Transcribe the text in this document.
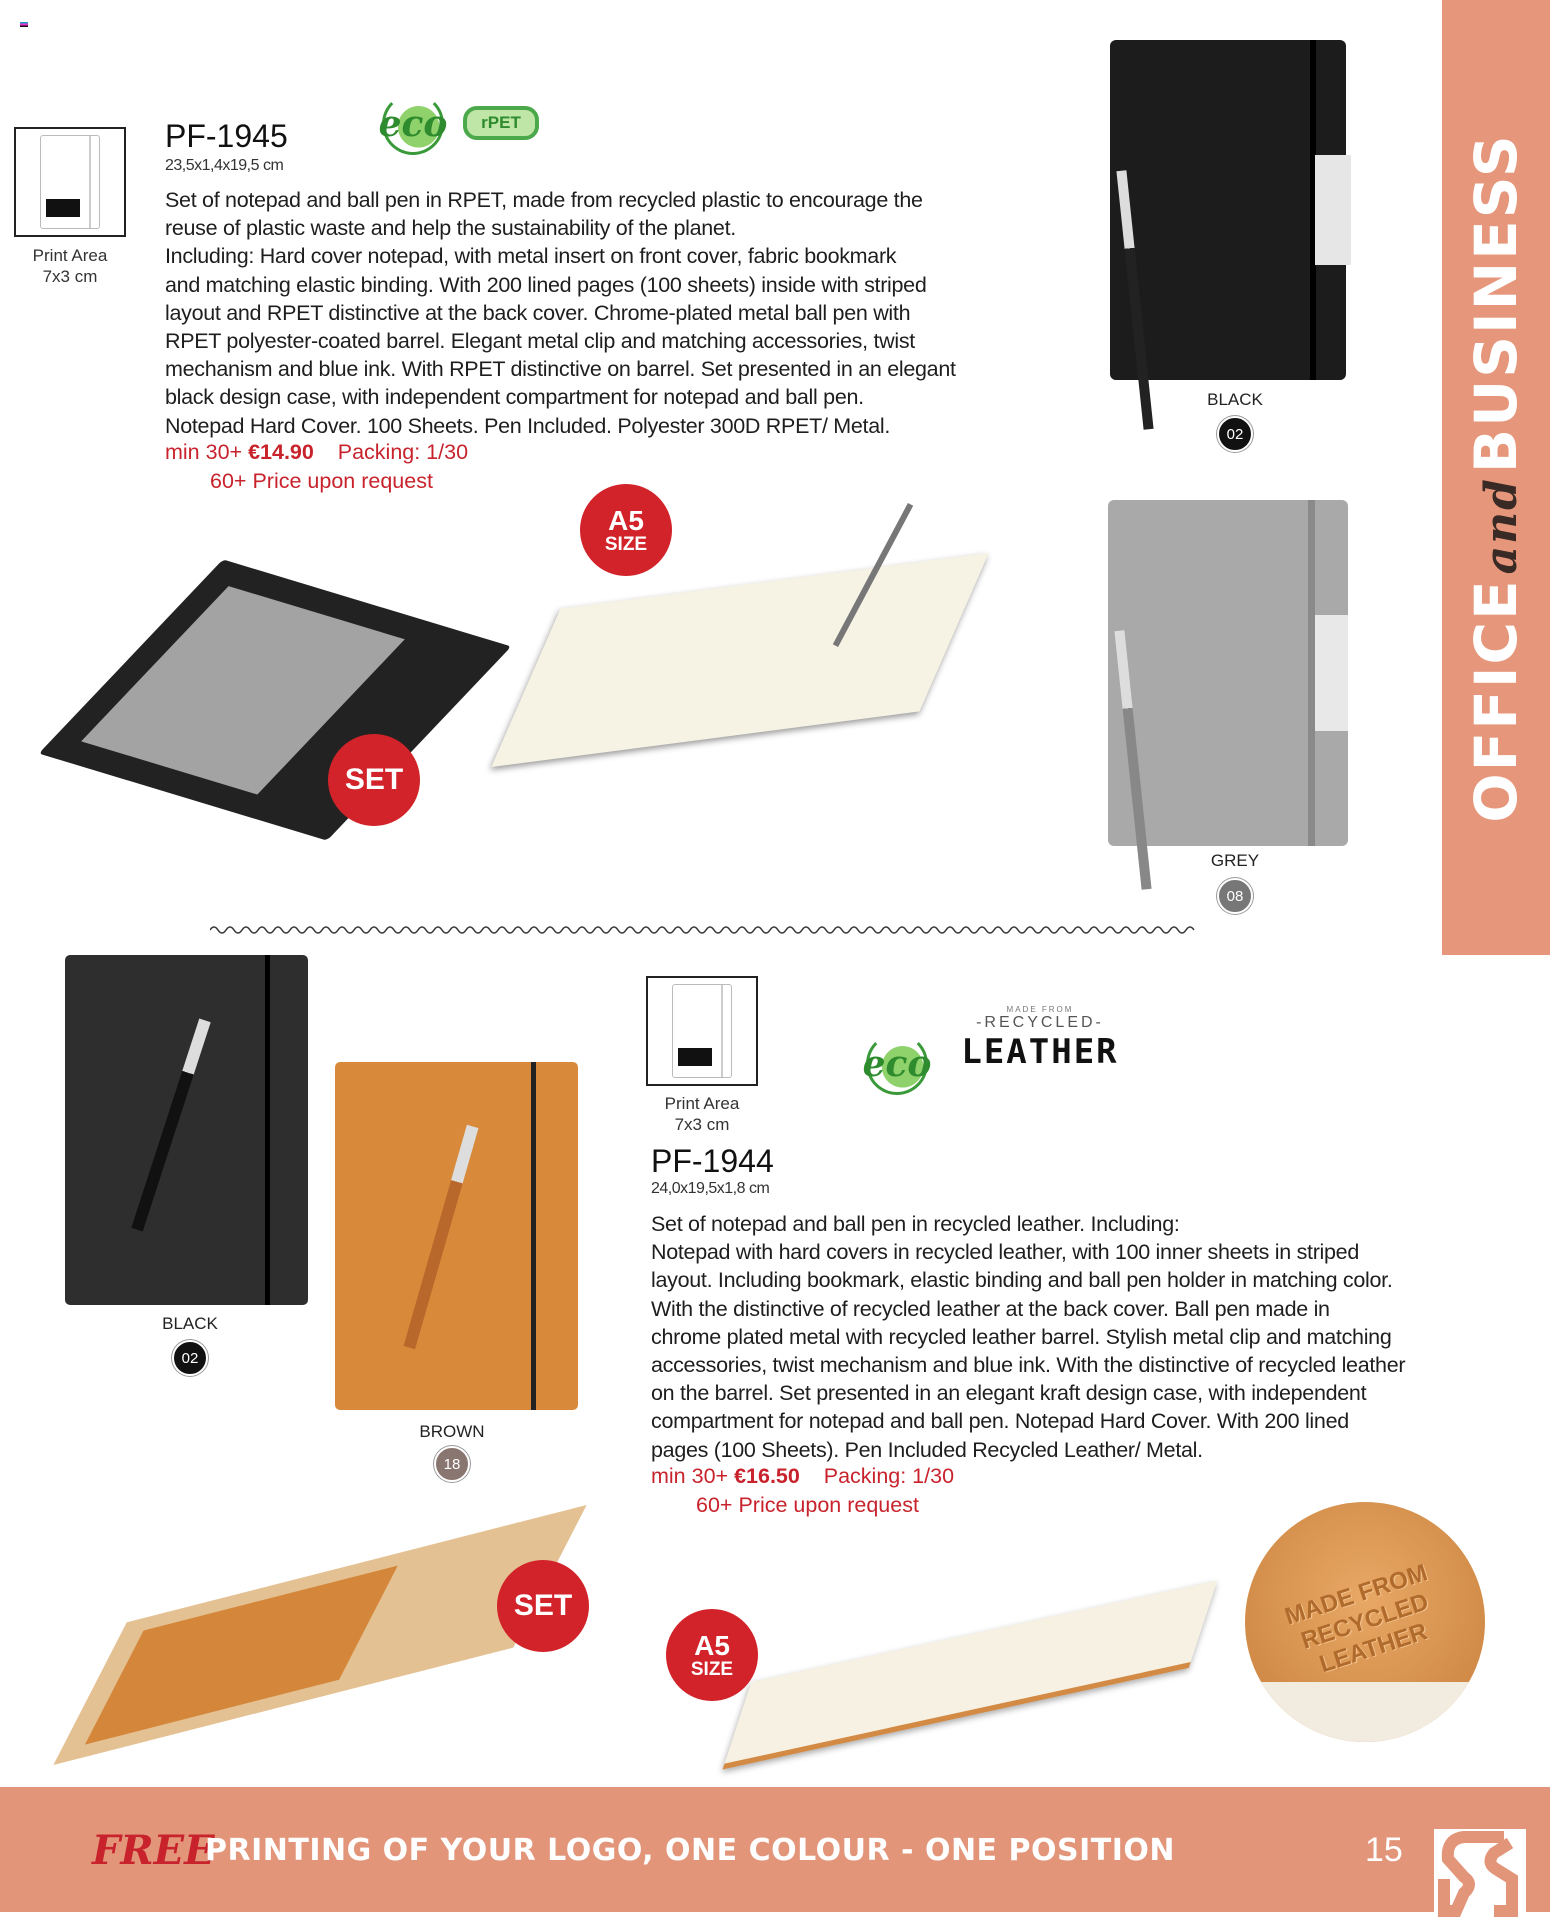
OFFICEandBUSINESS
Print Area
7x3 cm
PF-1945
23,5x1,4x19,5 cm
eco	rPET
Set of notepad and ball pen in RPET, made from recycled plastic to encourage the
reuse of plastic waste and help the sustainability of the planet.
Including: Hard cover notepad, with metal insert on front cover, fabric bookmark
and matching elastic binding. With 200 lined pages (100 sheets) inside with striped
layout and RPET distinctive at the back cover. Chrome-plated metal ball pen with
RPET polyester-coated barrel. Elegant metal clip and matching accessories, twist
mechanism and blue ink. With RPET distinctive on barrel. Set presented in an elegant
black design case, with independent compartment for notepad and ball pen.
Notepad Hard Cover. 100 Sheets. Pen Included. Polyester 300D RPET/ Metal.
min 30+ €14.90 Packing: 1/30
60+ Price upon request
BLACK
02
GREY
08
SET
A5
SIZE
BLACK
02
BROWN
18
Print Area
7x3 cm
eco
MADE FROM
-RECYCLED-
LEATHER
PF-1944
24,0x19,5x1,8 cm
Set of notepad and ball pen in recycled leather. Including:
Notepad with hard covers in recycled leather, with 100 inner sheets in striped
layout. Including bookmark, elastic binding and ball pen holder in matching color.
With the distinctive of recycled leather at the back cover. Ball pen made in
chrome plated metal with recycled leather barrel. Stylish metal clip and matching
accessories, twist mechanism and blue ink. With the distinctive of recycled leather
on the barrel. Set presented in an elegant kraft design case, with independent
compartment for notepad and ball pen. Notepad Hard Cover. With 200 lined
pages (100 Sheets). Pen Included Recycled Leather/ Metal.
min 30+ €16.50 Packing: 1/30
60+ Price upon request
SET
A5
SIZE
MADE FROM RECYCLED LEATHER
FREE
PRINTING OF YOUR LOGO, ONE COLOUR - ONE POSITION	15
